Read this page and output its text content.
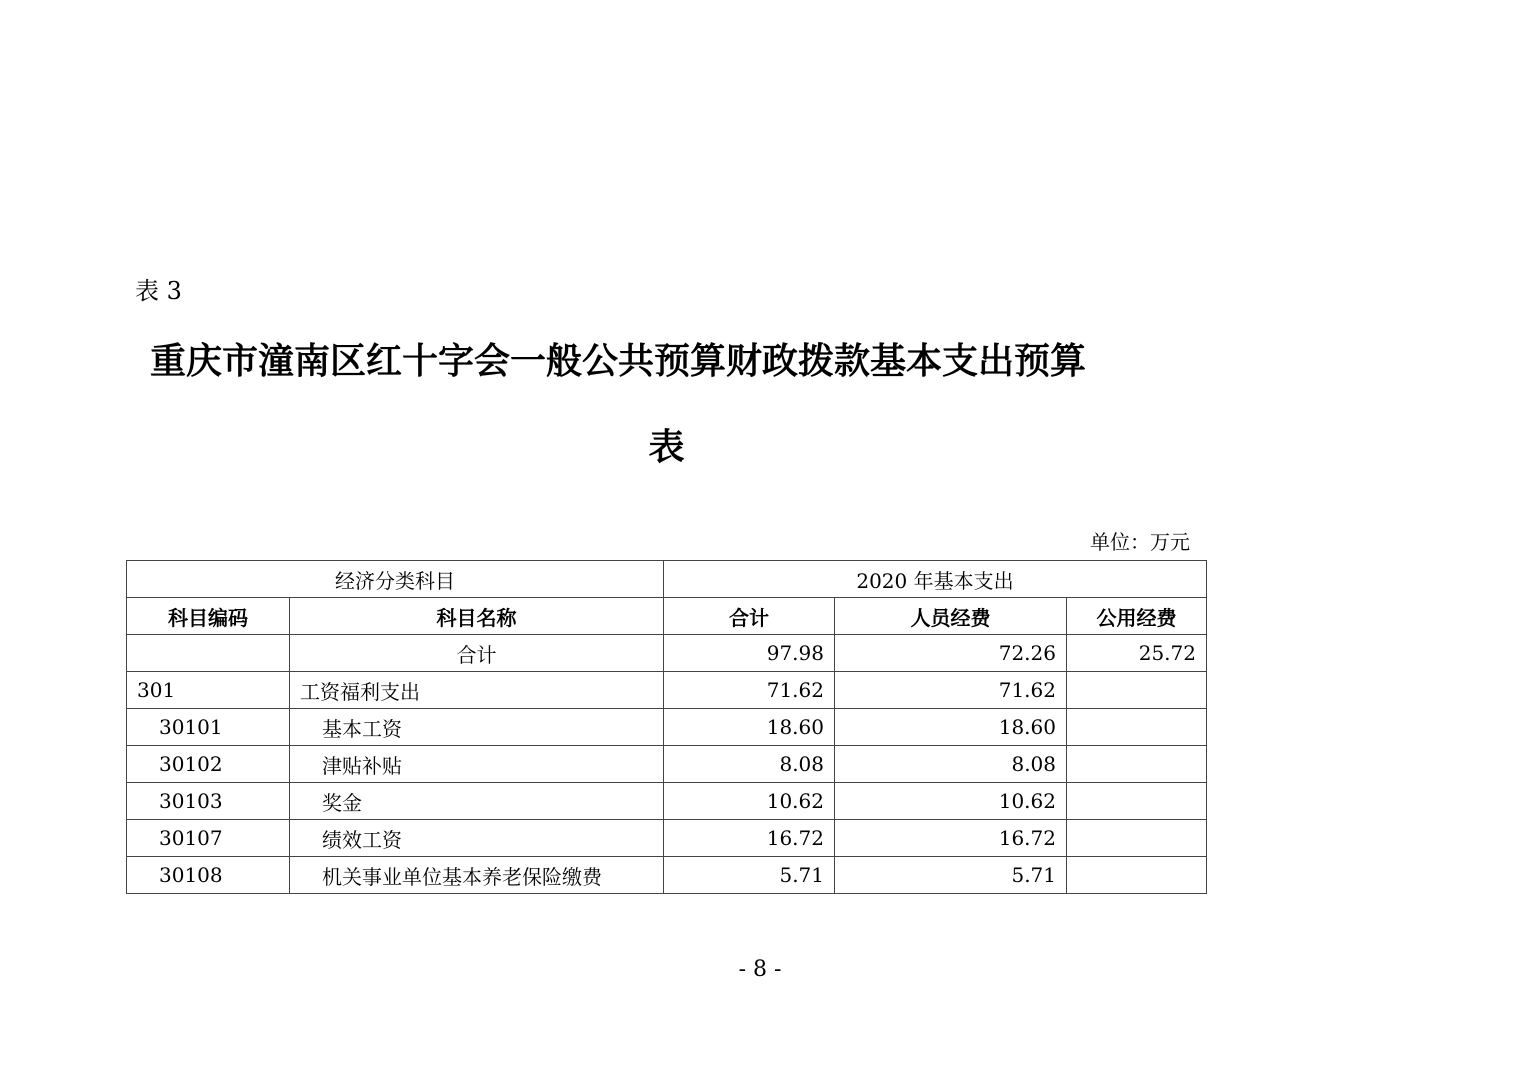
表 3
重庆市潼南区红十字会一般公共预算财政拨款基本支出预算
表
单位：万元
经济分类科目		2020 年基本支出		
科目编码	科目名称	合计	人员经费	公用经费
	合计	97.98	72.26	25.72
301	工资福利支出	71.62	71.62	
30101	基本工资	18.60	18.60	
30102	津贴补贴	8.08	8.08	
30103	奖金	10.62	10.62	
30107	绩效工资	16.72	16.72	
30108	机关事业单位基本养老保险缴费	5.71	5.71	
- 8 -
